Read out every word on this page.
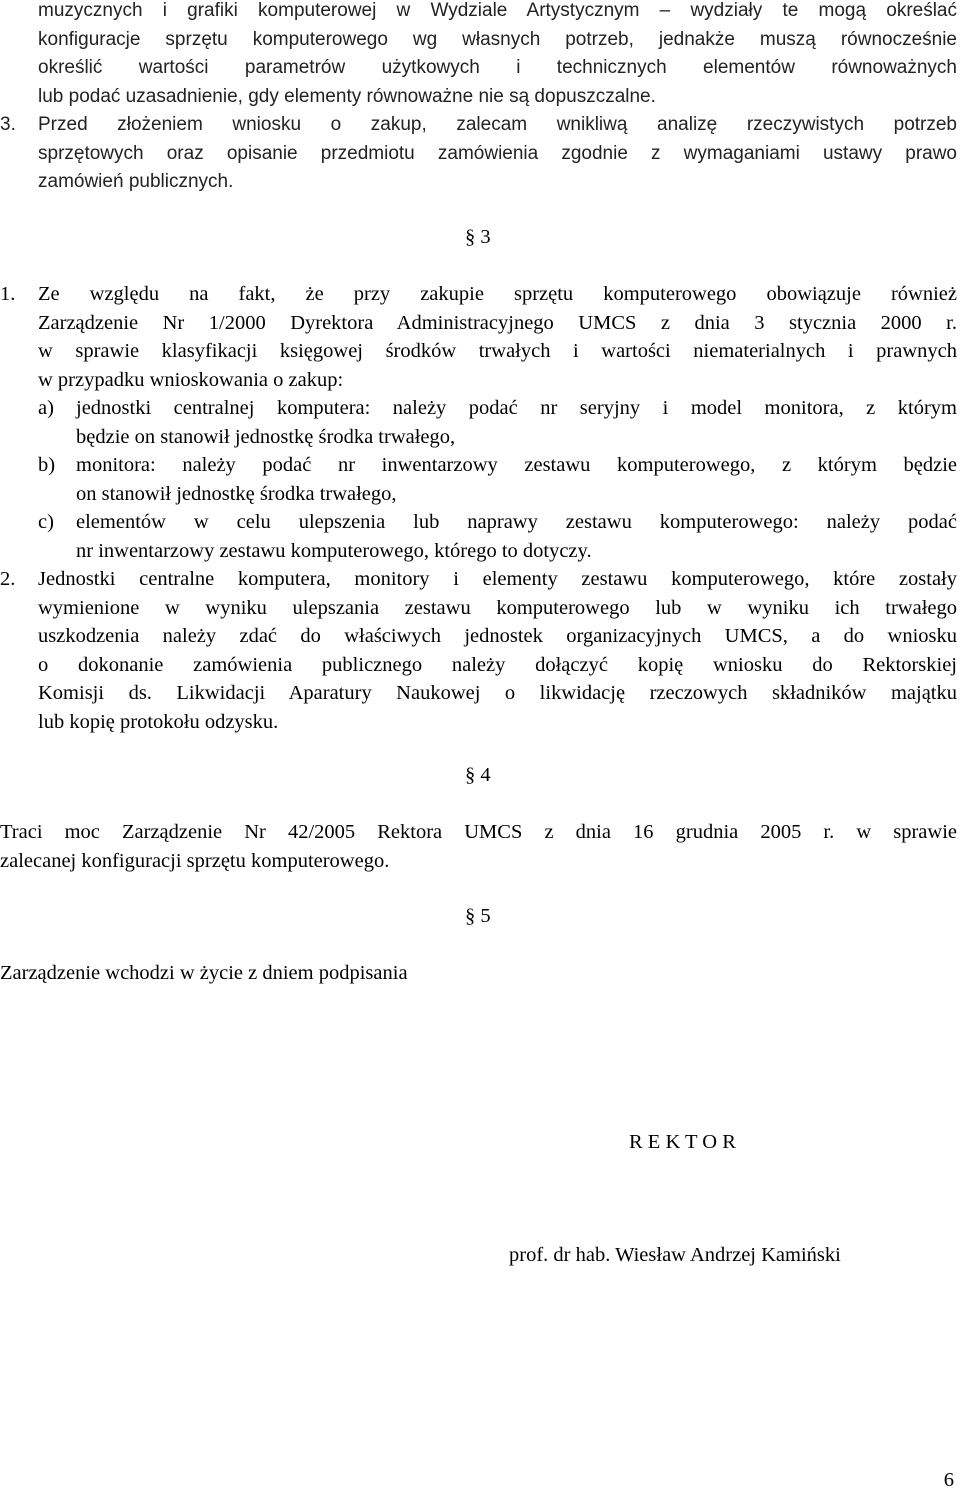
muzycznych i grafiki komputerowej w Wydziale Artystycznym – wydziały te mogą określać
konfiguracje sprzętu komputerowego wg własnych potrzeb, jednakże muszą równocześnie
określić wartości parametrów użytkowych i technicznych elementów równoważnych
lub podać uzasadnienie, gdy elementy równoważne nie są dopuszczalne.
3.	Przed złożeniem wniosku o zakup, zalecam wnikliwą analizę rzeczywistych potrzeb
sprzętowych oraz opisanie przedmiotu zamówienia zgodnie z wymaganiami ustawy prawo
zamówień publicznych.
§ 3
1.	Ze względu na fakt, że przy zakupie sprzętu komputerowego obowiązuje również
Zarządzenie Nr 1/2000 Dyrektora Administracyjnego UMCS z dnia 3 stycznia 2000 r.
w sprawie klasyfikacji księgowej środków trwałych i wartości niematerialnych i prawnych
w przypadku wnioskowania o zakup:
a)	jednostki centralnej komputera: należy podać nr seryjny i model monitora, z którym
będzie on stanowił jednostkę środka trwałego,
b)	monitora: należy podać nr inwentarzowy zestawu komputerowego, z którym będzie
on stanowił jednostkę środka trwałego,
c)	elementów w celu ulepszenia lub naprawy zestawu komputerowego: należy podać
nr inwentarzowy zestawu komputerowego, którego to dotyczy.
2.	Jednostki centralne komputera, monitory i elementy zestawu komputerowego, które zostały
wymienione w wyniku ulepszania zestawu komputerowego lub w wyniku ich trwałego
uszkodzenia należy zdać do właściwych jednostek organizacyjnych UMCS, a do wniosku
o dokonanie zamówienia publicznego należy dołączyć kopię wniosku do Rektorskiej
Komisji ds. Likwidacji Aparatury Naukowej o likwidację rzeczowych składników majątku
lub kopię protokołu odzysku.
§ 4
Traci moc Zarządzenie Nr 42/2005 Rektora UMCS z dnia 16 grudnia 2005 r. w sprawie
zalecanej konfiguracji sprzętu komputerowego.
§ 5
Zarządzenie wchodzi w życie z dniem podpisania
R E K T O R
prof. dr hab. Wiesław Andrzej Kamiński
6
